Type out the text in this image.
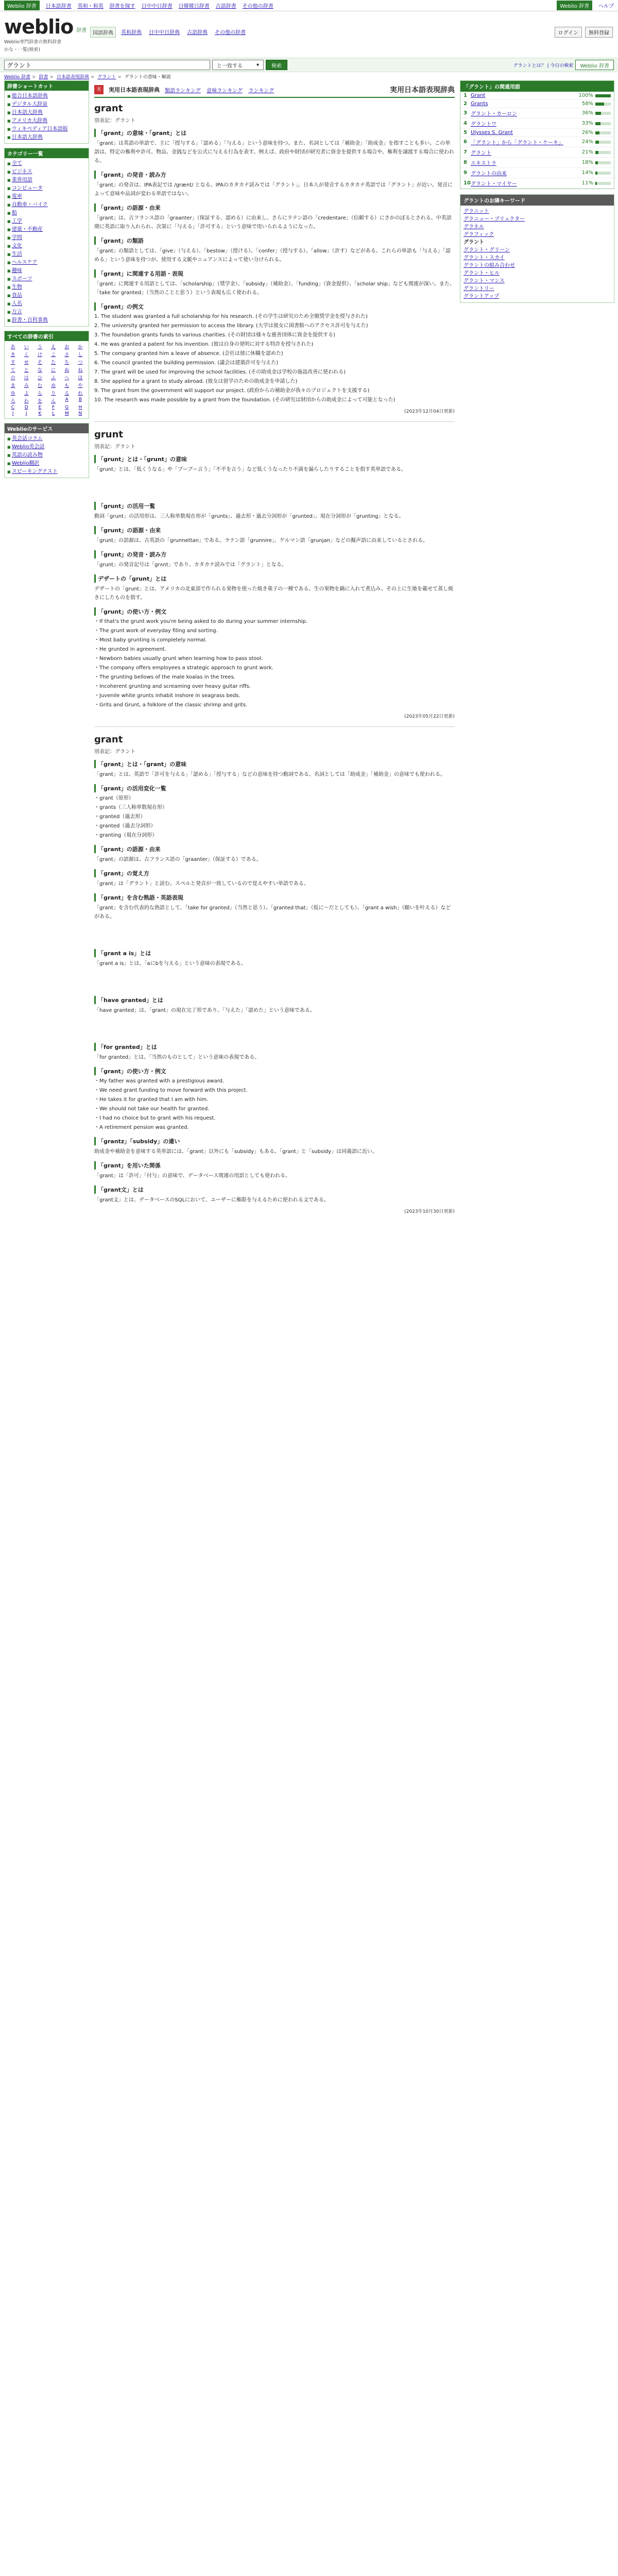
Weblio 辞書	日本語辞書 英和・和英 辞書を探す 日中中日辞書 日韓韓日辞書 古語辞書 その他の辞書	Weblio 辞書	ヘルプ
weblio 辞書
Weblio専門辞書の無料辞書
かな・一覧(検索)
国語辞典	英和辞典	日中中日辞典	古語辞典	その他の辞書	ログイン	無料登録
グラント
と一致する	▾	検索	グラントとは？ | 今日の検索	Weblio 辞書
Weblio 辞書 > 辞書 > 日本語表現辞典 > グラント > グラントの意味・解説
辞書ショートカット
■ 総合日本語辞典
■ デジタル大辞泉
■ 日本語大辞典
■ アメリカ大辞典
■ ウィキペディア日本語版
■ 日本語大辞典
カテゴリー一覧
■ 全て
■ ビジネス
■ 業界用語
■ コンピュータ
■ 電車
■ 自動車・バイク
■ 船
■ 工学
■ 建築・不動産
■ 学問
■ 文化
■ 生活
■ ヘルスケア
■ 趣味
■ スポーツ
■ 生物
■ 食品
■ 人名
■ 方言
■ 辞書・百科事典
すべての辞書の索引
あ	い	う	え	お	か
き	く	け	こ	さ	し
す	せ	そ	た	ち	つ
て	と	な	に	ぬ	ね
の	は	ひ	ふ	へ	ほ
ま	み	む	め	も	や
ゆ	よ	ら	り	る	れ
ろ	わ	を	ん	A	B
C	D	E	F	G	H
I	J	K	L	M	N
Weblioのサービス
■ 英会話コラム
■ Weblio英会話
■ 英語の読み物
■ Weblio翻訳
■ スピーキングテスト
実	実用日本語表現辞典 類語ランキング 意味ランキング ランキング	実用日本語表現辞典
grant
別表記：グラント
「grant」の意味・「grant」とは

「grant」は英語の単語で、主に「授与する」「認める」「与える」という意味を持つ。また、名詞としては「補助金」「助成金」を指すことも多い。この単語は、特定の権利や許可、物品、金銭などを公式に与える行為を表す。例えば、政府や財団が研究者に資金を提供する場合や、権利を譲渡する場合に使われる。

「grant」の発音・読み方

「grant」の発音は、IPA表記では /grænt/ となる。IPAのカタカナ読みでは「グラント」。日本人が発音するカタカナ英語では「グラント」が近い。発音によって意味や品詞が変わる単語ではない。

「grant」の語源・由来

「grant」は、古フランス語の「graanter」（保証する、認める）に由来し、さらにラテン語の「credentare」（信頼する）にさかのぼるとされる。中英語期に英語に取り入れられ、次第に「与える」「許可する」という意味で用いられるようになった。

「grant」の類語

「grant」の類語としては、「give」（与える）、「bestow」（授ける）、「confer」（授与する）、「allow」（許す）などがある。これらの単語も「与える」「認める」という意味を持つが、使用する文脈やニュアンスによって使い分けられる。

「grant」に関連する用語・表現

「grant」に関連する用語としては、「scholarship」（奨学金）、「subsidy」（補助金）、「funding」（資金提供）、「scholar ship」なども関連が深い。また、「take for granted」（当然のことと思う）という表現も広く使われる。

「grant」の例文
1. The student was granted a full scholarship for his research. (その学生は研究のため全額奨学金を授与された)
2. The university granted her permission to access the library. (大学は彼女に図書館へのアクセス許可を与えた)
3. The foundation grants funds to various charities. (その財団は様々な慈善団体に資金を提供する)
4. He was granted a patent for his invention. (彼は自身の発明に対する特許を授与された)
5. The company granted him a leave of absence. (会社は彼に休職を認めた)
6. The council granted the building permission. (議会は建築許可を与えた)
7. The grant will be used for improving the school facilities. (その助成金は学校の施設改善に使われる)
8. She applied for a grant to study abroad. (彼女は留学のための助成金を申請した)
9. The grant from the government will support our project. (政府からの補助金が我々のプロジェクトを支援する)
10. The research was made possible by a grant from the foundation. (その研究は財団からの助成金によって可能となった)
(2023年12月04日更新)
grunt
別表記：グラント
「grunt」とは・「grunt」の意味

「grunt」とは、「低くうなる」や「ブーブー言う」「不平を言う」など低くうなったり不満を漏らしたりすることを指す英単語である。

「grunt」の活用一覧

動詞「grunt」の活用形は、三人称単数現在形が「grunts」、過去形・過去分詞形が「grunted」、現在分詞形が「grunting」となる。

「grunt」の語源・由来

「grunt」の語源は、古英語の「grunnettan」である。ラテン語「grunnire」、ゲルマン語「grunjan」などの擬声語に由来しているとされる。

「grunt」の発音・読み方

「grunt」の発音記号は「grʌnt」であり、カタカナ読みでは「グラント」となる。

デザートの「grunt」とは

デザートの「grunt」とは、アメリカの北東部で作られる果物を使った焼き菓子の一種である。生の果物を鍋に入れて煮込み、その上に生地を載せて蒸し焼きにしたものを指す。

「grunt」の使い方・例文
・If that's the grunt work you're being asked to do during your summer internship.
・The grunt work of everyday filing and sorting.
・Most baby grunting is completely normal.
・He grunted in agreement.
・Newborn babies usually grunt when learning how to pass stool.
・The company offers employees a strategic approach to grunt work.
・The grunting bellows of the male koalas in the trees.
・Incoherent grunting and screaming over heavy guitar riffs.
・Juvenile white grunts inhabit inshore in seagrass beds.
・Grits and Grunt, a folklore of the classic shrimp and grits.
(2023年05月22日更新)
grant
別表記：グラント
「grant」とは・「grant」の意味

「grant」とは、英語で「許可を与える」「認める」「授与する」などの意味を持つ動詞である。名詞としては「助成金」「補助金」の意味でも使われる。

「grant」の活用変化一覧
・grant（原形）
・grants（三人称単数現在形）
・granted（過去形）
・granted（過去分詞形）
・granting（現在分詞形）
「grant」の語源・由来

「grant」の語源は、古フランス語の「graanter」（保証する）である。

「grant」の覚え方

「grant」は「グラント」と読む。スペルと発音が一致しているので覚えやすい単語である。

「grant」を含む熟語・英語表現

「grant」を含む代表的な熟語として、「take for granted」（当然と思う）、「granted that」（仮に〜だとしても）、「grant a wish」（願いを叶える）などがある。

「grant a is」とは

「grant a is」とは、「aにbを与える」という意味の表現である。

「have granted」とは

「have granted」は、「grant」の現在完了形であり、「与えた」「認めた」という意味である。

「for granted」とは

「for granted」とは、「当然のものとして」という意味の表現である。

「grant」の使い方・例文
・My father was granted with a prestigious award.
・We need grant funding to move forward with this project.
・He takes it for granted that I am with him.
・We should not take our health for granted.
・I had no choice but to grant with his request.
・A retirement pension was granted.
「grantz」「subsidy」の違い

助成金や補助金を意味する英単語には、「grant」以外にも「subsidy」もある。「grant」と「subsidy」は同義語に近い。

「grant」を用いた関係

「grant」は「許可」「付与」の意味で、データベース関連の用語としても使われる。

「grant文」とは

「grant文」とは、データベースのSQLにおいて、ユーザーに権限を与えるために使われる文である。

(2023年10月30日更新)
「グラント」の関連用語
1 Grant	100%
2 Grants	58%
3 グラント・カーロン	36%
4 グラントワ	33%
5 Ulysses S. Grant	26%
6 「グラント」から「グラント・ケーキ」	24%
7 グラント	21%
8 エキストラ	18%
9 グラントの由来	14%
10 グラント・マイヤー	11%
グラントのお隣キーワード
グラニット
グラニュー・ブリュクター
グラネル
グラフィック
グラント
グラント・グリーン
グラント・スカイ
グラントの組み合わせ
グラント・ヒル
グラント・マンス
グラントリー
グラントアップ
